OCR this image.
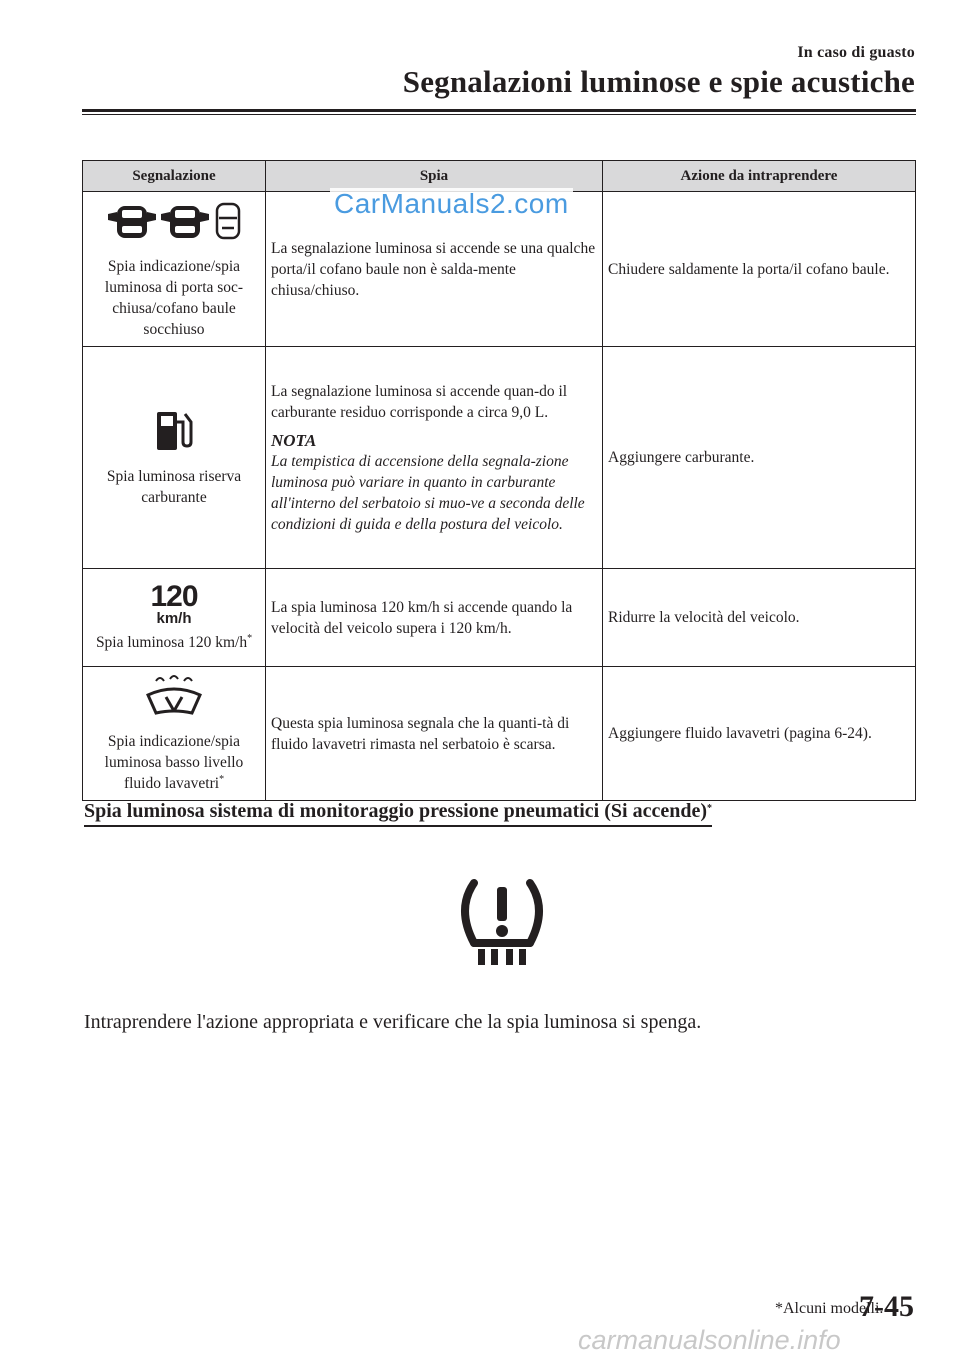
In caso di guasto
Segnalazioni luminose e spie acustiche
Segnalazione	Spia	Azione da intraprendere

Spia indicazione/spia luminosa di porta soc-chiusa/cofano baule socchiuso	La segnalazione luminosa si accende se una qualche porta/il cofano baule non è salda-mente chiusa/chiuso.	Chiudere saldamente la porta/il cofano baule.

Spia luminosa riserva carburante	La segnalazione luminosa si accende quan-do il carburante residuo corrisponde a circa 9,0 L.
NOTA
La tempistica di accensione della segnala-zione luminosa può variare in quanto in carburante all'interno del serbatoio si muo-ve a seconda delle condizioni di guida e della postura del veicolo.	Aggiungere carburante.

120
km/h
Spia luminosa 120 km/h*	La spia luminosa 120 km/h si accende quando la velocità del veicolo supera i 120 km/h.	Ridurre la velocità del veicolo.

Spia indicazione/spia luminosa basso livello fluido lavavetri*	Questa spia luminosa segnala che la quanti-tà di fluido lavavetri rimasta nel serbatoio è scarsa.	Aggiungere fluido lavavetri (pagina 6-24).
CarManuals2.com
Spia luminosa sistema di monitoraggio pressione pneumatici (Si accende)*
Intraprendere l'azione appropriata e verificare che la spia luminosa si spenga.
*Alcuni modelli.
7-45
carmanualsonline.info
